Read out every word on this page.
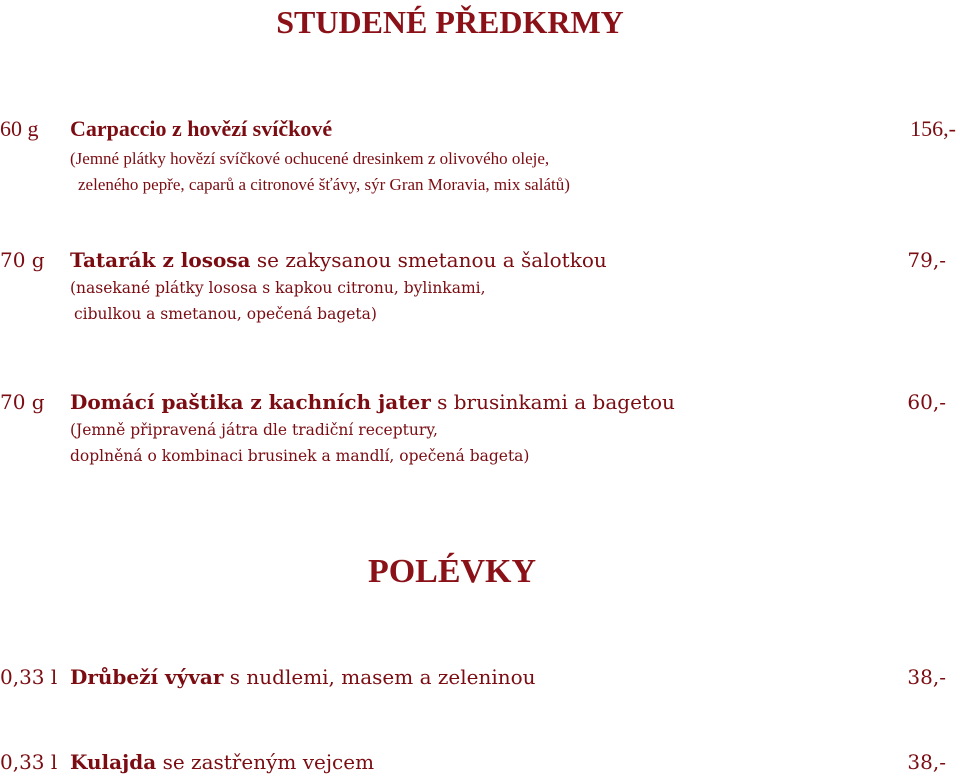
STUDENÉ PŘEDKRMY
60 g Carpaccio z hovězí svíčkové	156,-
(Jemné plátky hovězí svíčkové ochucené dresinkem z olivového oleje,
zeleného pepře, caparů a citronové šťávy, sýr Gran Moravia, mix salátů)
70 g Tatarák z lososa se zakysanou smetanou a šalotkou	79,-
(nasekané plátky lososa s kapkou citronu, bylinkami,
cibulkou a smetanou, opečená bageta)
70 g Domácí paštika z kachních jater s brusinkami a bagetou	60,-
(Jemně připravená játra dle tradiční receptury,
doplněná o kombinaci brusinek a mandlí, opečená bageta)
POLÉVKY
0,33 l Drůbeží vývar s nudlemi, masem a zeleninou	38,-
0,33 l Kulajda se zastřeným vejcem	38,-
